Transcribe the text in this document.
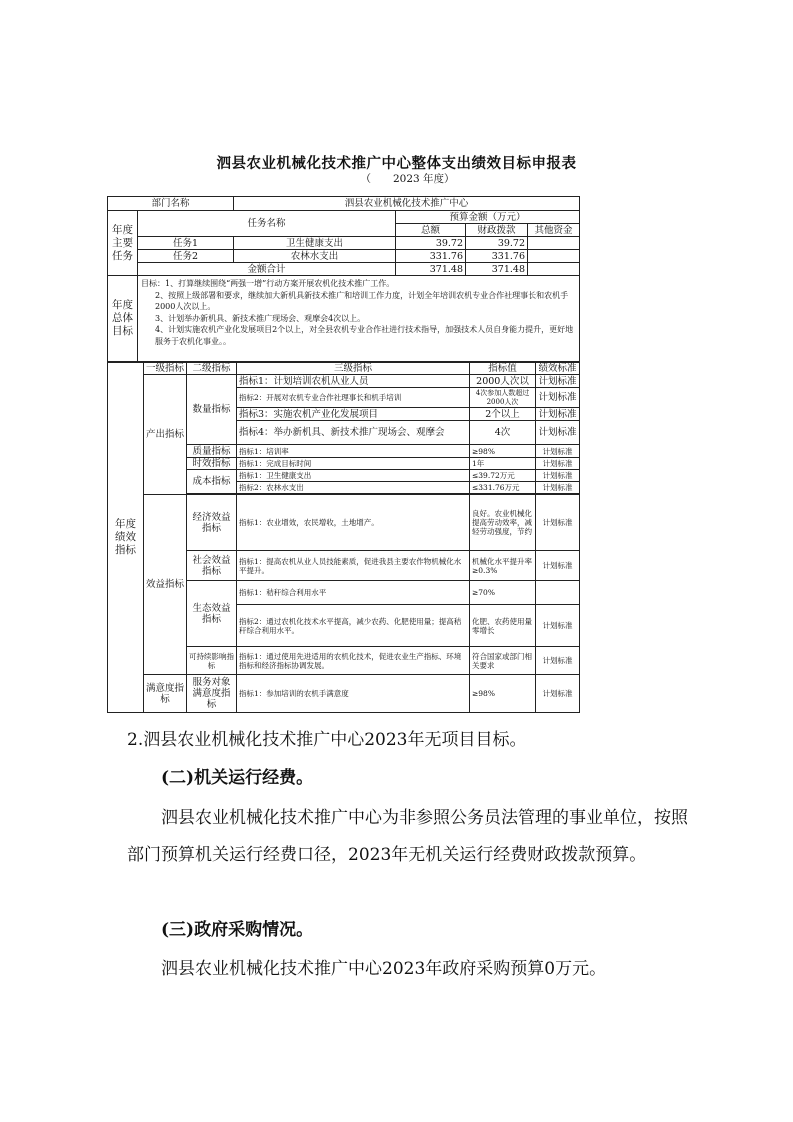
泗县农业机械化技术推广中心整体支出绩效目标申报表
（ 2023 年度）
部门名称		泗县农业机械化技术推广中心			
年度主要任务	任务名称		预算金额（万元）		
			总额	财政拨款	其他资金
	任务1	卫生健康支出	39.72	39.72	
	任务2	农林水支出	331.76	331.76	
	金额合计		371.48	371.48	
年度总体目标	目标：1、打算继续围绕“两强一增”行动方案开展农机化技术推广工作。
2、按照上级部署和要求，继续加大新机具新技术推广和培训工作力度，计划全年培训农机专业合作社理事长和农机手2000人次以上。
3、计划举办新机具、新技术推广现场会、观摩会4次以上。
4、计划实施农机产业化发展项目2个以上，对全县农机专业合作社进行技术指导，加强技术人员自身能力提升，更好地服务于农机化事业。。				
年度绩效指标	一级指标	二级指标	三级指标	指标值	绩效标准
	产出指标	数量指标	指标1：计划培训农机从业人员	2000人次以	计划标准
			指标2：开展对农机专业合作社理事长和机手培训	4次参加人数超过2000人次	计划标准
			指标3：实施农机产业化发展项目	2个以上	计划标准
			指标4：举办新机具、新技术推广现场会、观摩会	4次	计划标准
		质量指标	指标1：培训率	≥98%	计划标准
		时效指标	指标1：完成目标时间	1年	计划标准
		成本指标	指标1：卫生健康支出	≤39.72万元	计划标准
			指标2：农林水支出	≤331.76万元	计划标准

	效益指标	经济效益指标	指标1：农业增效，农民增收，土地增产。	良好。农业机械化提高劳动效率，减轻劳动强度，节约	计划标准
		社会效益指标	指标1：提高农机从业人员技能素质，促进我县主要农作物机械化水平提升。	机械化水平提升率≥0.3%	计划标准
		生态效益指标	指标1：秸秆综合利用水平	≥70%	
			指标2：通过农机化技术水平提高，减少农药、化肥使用量；提高秸秆综合利用水平。	化肥、农药使用量零增长	计划标准
		可持续影响指标	指标1：通过使用先进适用的农机化技术，促进农业生产指标、环境指标和经济指标协调发展。	符合国家或部门相关要求	计划标准
	满意度指标	服务对象满意度指标	指标1：参加培训的农机手满意度	≥98%	计划标准
2.泗县农业机械化技术推广中心2023年无项目目标。
(二)机关运行经费。
泗县农业机械化技术推广中心为非参照公务员法管理的事业单位，按照部门预算机关运行经费口径，2023年无机关运行经费财政拨款预算。
(三)政府采购情况。
泗县农业机械化技术推广中心2023年政府采购预算0万元。
